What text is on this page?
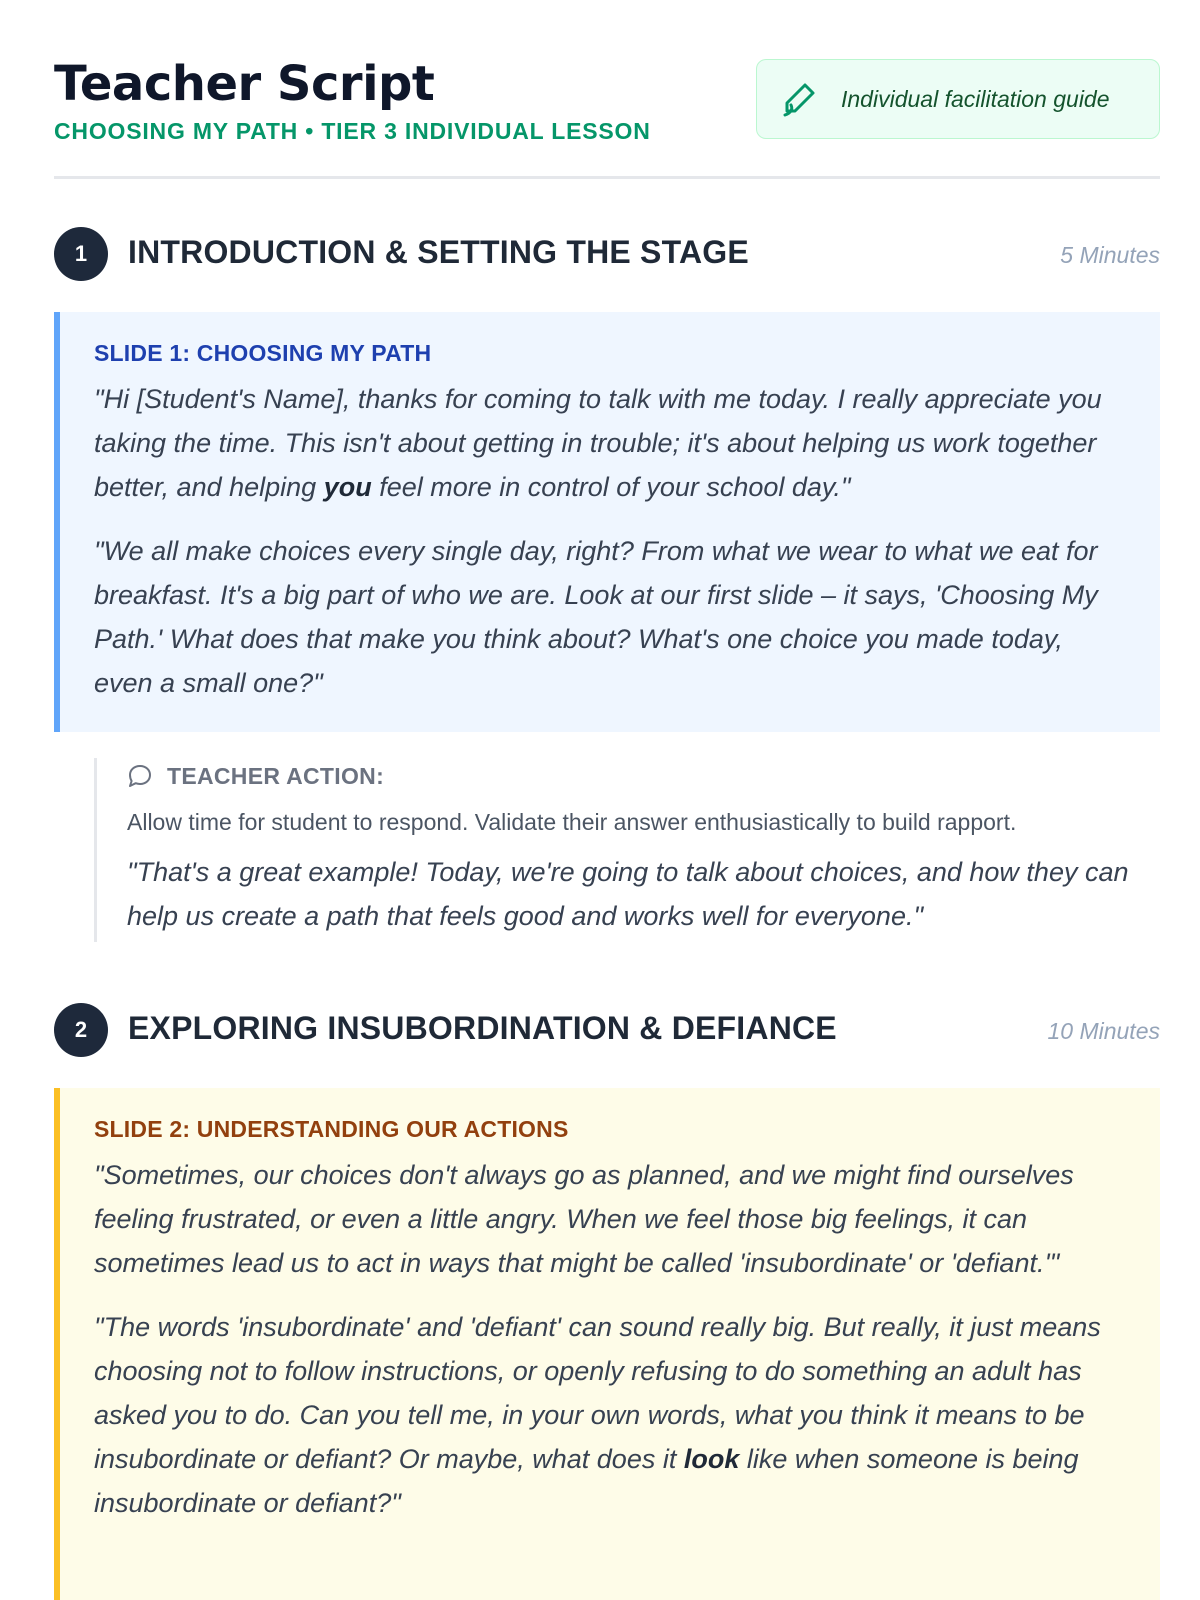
Teacher Script
CHOOSING MY PATH • TIER 3 INDIVIDUAL LESSON
Individual facilitation guide
1	INTRODUCTION & SETTING THE STAGE	5 Minutes
SLIDE 1: CHOOSING MY PATH

"Hi [Student's Name], thanks for coming to talk with me today. I really appreciate you taking the time. This isn't about getting in trouble; it's about helping us work together better, and helping you feel more in control of your school day."

"We all make choices every single day, right? From what we wear to what we eat for breakfast. It's a big part of who we are. Look at our first slide – it says, 'Choosing My Path.' What does that make you think about? What's one choice you made today, even a small one?"

TEACHER ACTION:
Allow time for student to respond. Validate their answer enthusiastically to build rapport.
"That's a great example! Today, we're going to talk about choices, and how they can help us create a path that feels good and works well for everyone."
2	EXPLORING INSUBORDINATION & DEFIANCE	10 Minutes
SLIDE 2: UNDERSTANDING OUR ACTIONS

"Sometimes, our choices don't always go as planned, and we might find ourselves feeling frustrated, or even a little angry. When we feel those big feelings, it can sometimes lead us to act in ways that might be called 'insubordinate' or 'defiant.'"

"The words 'insubordinate' and 'defiant' can sound really big. But really, it just means choosing not to follow instructions, or openly refusing to do something an adult has asked you to do. Can you tell me, in your own words, what you think it means to be insubordinate or defiant? Or maybe, what does it look like when someone is being insubordinate or defiant?"
